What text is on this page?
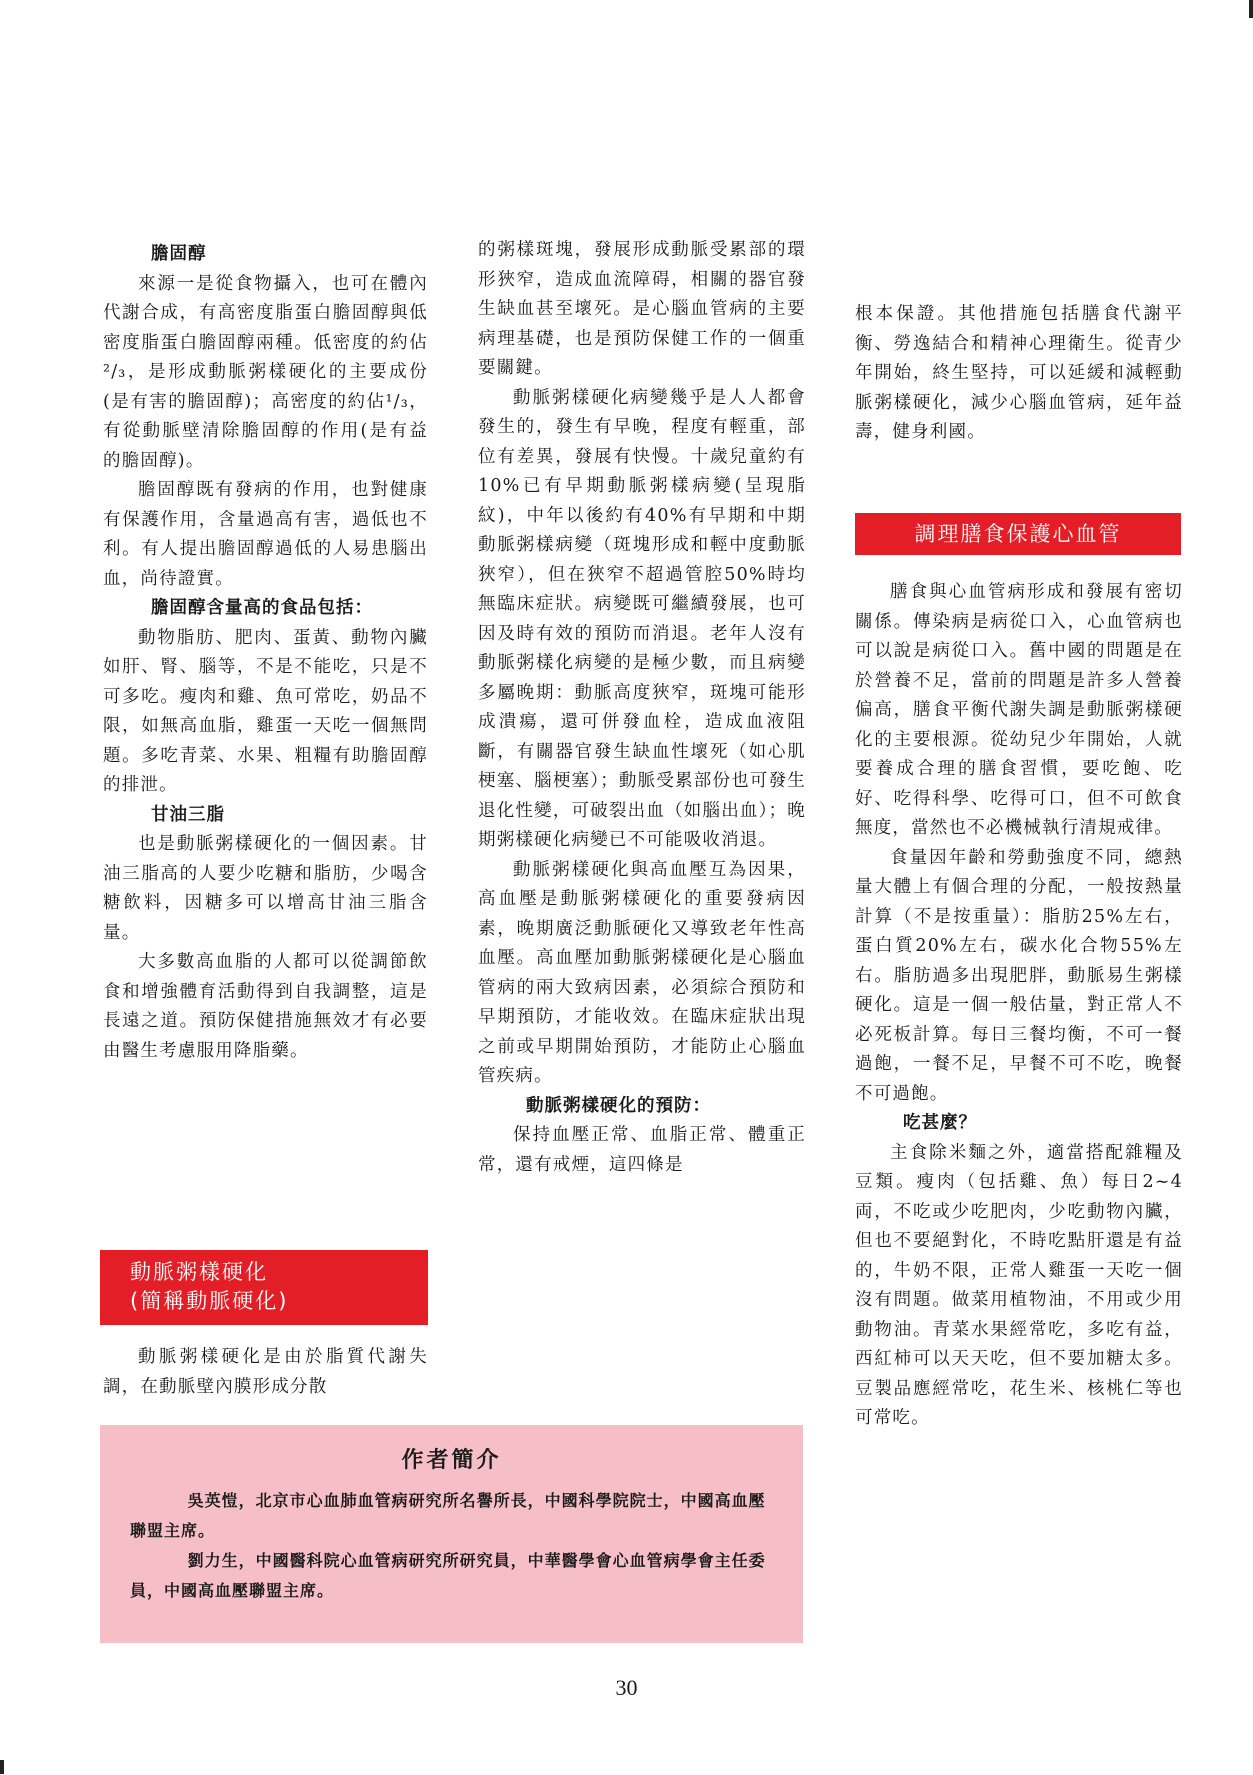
膽固醇

來源一是從食物攝入，也可在體內代謝合成，有高密度脂蛋白膽固醇與低密度脂蛋白膽固醇兩種。低密度的約佔²/₃，是形成動脈粥樣硬化的主要成份(是有害的膽固醇)；高密度的約佔¹/₃，有從動脈壁清除膽固醇的作用(是有益的膽固醇)。

膽固醇既有發病的作用，也對健康有保護作用，含量過高有害，過低也不利。有人提出膽固醇過低的人易患腦出血，尚待證實。

膽固醇含量高的食品包括：

動物脂肪、肥肉、蛋黃、動物內臟如肝、腎、腦等，不是不能吃，只是不可多吃。瘦肉和雞、魚可常吃，奶品不限，如無高血脂，雞蛋一天吃一個無問題。多吃青菜、水果、粗糧有助膽固醇的排泄。

甘油三脂

也是動脈粥樣硬化的一個因素。甘油三脂高的人要少吃糖和脂肪，少喝含糖飲料，因糖多可以增高甘油三脂含量。

大多數高血脂的人都可以從調節飲食和增強體育活動得到自我調整，這是長遠之道。預防保健措施無效才有必要由醫生考慮服用降脂藥。

動脈粥樣硬化
(簡稱動脈硬化)

動脈粥樣硬化是由於脂質代謝失調，在動脈壁內膜形成分散

的粥樣斑塊，發展形成動脈受累部的環形狹窄，造成血流障碍，相關的器官發生缺血甚至壞死。是心腦血管病的主要病理基礎，也是預防保健工作的一個重要關鍵。

動脈粥樣硬化病變幾乎是人人都會發生的，發生有早晚，程度有輕重，部位有差異，發展有快慢。十歲兒童約有10%已有早期動脈粥樣病變(呈現脂紋)，中年以後約有40%有早期和中期動脈粥樣病變（斑塊形成和輕中度動脈狹窄），但在狹窄不超過管腔50%時均無臨床症狀。病變既可繼續發展，也可因及時有效的預防而消退。老年人沒有動脈粥樣化病變的是極少數，而且病變多屬晚期：動脈高度狹窄，斑塊可能形成潰瘍，還可併發血栓，造成血液阻斷，有關器官發生缺血性壞死（如心肌梗塞、腦梗塞）；動脈受累部份也可發生退化性變，可破裂出血（如腦出血）；晚期粥樣硬化病變已不可能吸收消退。

動脈粥樣硬化與高血壓互為因果，高血壓是動脈粥樣硬化的重要發病因素，晚期廣泛動脈硬化又導致老年性高血壓。高血壓加動脈粥樣硬化是心腦血管病的兩大致病因素，必須綜合預防和早期預防，才能收效。在臨床症狀出現之前或早期開始預防，才能防止心腦血管疾病。

動脈粥樣硬化的預防：

保持血壓正常、血脂正常、體重正常，還有戒煙，這四條是

根本保證。其他措施包括膳食代謝平衡、勞逸結合和精神心理衛生。從青少年開始，終生堅持，可以延緩和減輕動脈粥樣硬化，減少心腦血管病，延年益壽，健身利國。

調理膳食保護心血管

膳食與心血管病形成和發展有密切關係。傳染病是病從口入，心血管病也可以說是病從口入。舊中國的問題是在於營養不足，當前的問題是許多人營養偏高，膳食平衡代謝失調是動脈粥樣硬化的主要根源。從幼兒少年開始，人就要養成合理的膳食習慣，要吃飽、吃好、吃得科學、吃得可口，但不可飲食無度，當然也不必機械執行清規戒律。

食量因年齡和勞動強度不同，總熱量大體上有個合理的分配，一般按熱量計算（不是按重量）：脂肪25%左右，蛋白質20%左右，碳水化合物55%左右。脂肪過多出現肥胖，動脈易生粥樣硬化。這是一個一般估量，對正常人不必死板計算。每日三餐均衡，不可一餐過飽，一餐不足，早餐不可不吃，晚餐不可過飽。

吃甚麼？

主食除米麵之外，適當搭配雜糧及豆類。瘦肉（包括雞、魚）每日2~4両，不吃或少吃肥肉，少吃動物內臟，但也不要絕對化，不時吃點肝還是有益的，牛奶不限，正常人雞蛋一天吃一個沒有問題。做菜用植物油，不用或少用動物油。青菜水果經常吃，多吃有益，西紅柿可以天天吃，但不要加糖太多。豆製品應經常吃，花生米、核桃仁等也可常吃。

作者簡介

吳英愷，北京市心血肺血管病研究所名譽所長，中國科學院院士，中國高血壓聯盟主席。

劉力生，中國醫科院心血管病研究所研究員，中華醫學會心血管病學會主任委員，中國高血壓聯盟主席。

30
